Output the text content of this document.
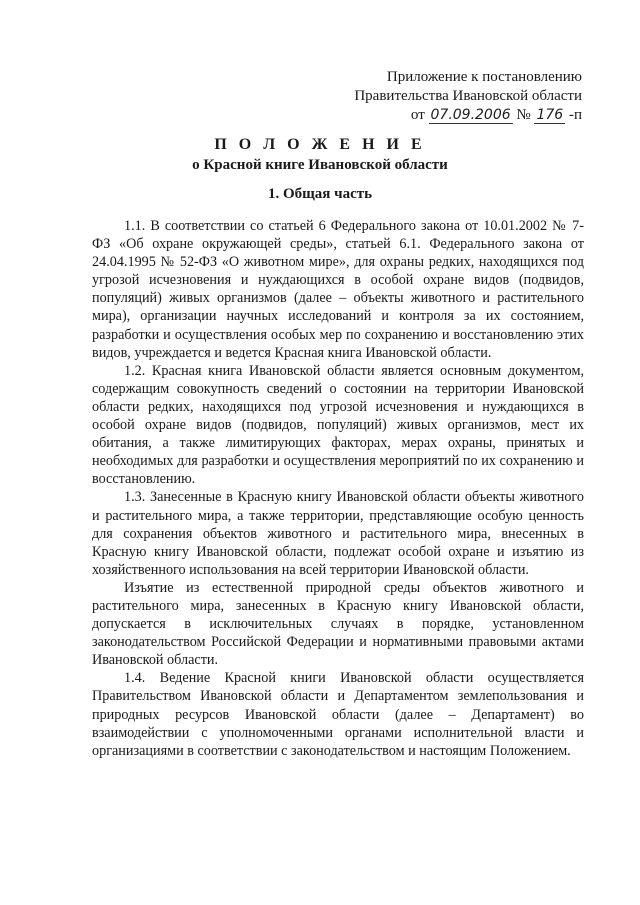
Приложение к постановлению
Правительства Ивановской области
от 07.09.2006 № 176 -п
П О Л О Ж Е Н И Е
о Красной книге Ивановской области
1. Общая часть

1.1. В соответствии со статьей 6 Федерального закона от 10.01.2002 № 7-ФЗ «Об охране окружающей среды», статьей 6.1. Федерального закона от 24.04.1995 № 52-ФЗ «О животном мире», для охраны редких, находящихся под угрозой исчезновения и нуждающихся в особой охране видов (подвидов, популяций) живых организмов (далее – объекты животного и растительного мира), организации научных исследований и контроля за их состоянием, разработки и осуществления особых мер по сохранению и восстановлению этих видов, учреждается и ведется Красная книга Ивановской области.

1.2. Красная книга Ивановской области является основным документом, содержащим совокупность сведений о состоянии на территории Ивановской области редких, находящихся под угрозой исчезновения и нуждающихся в особой охране видов (подвидов, популяций) живых организмов, мест их обитания, а также лимитирующих факторах, мерах охраны, принятых и необходимых для разработки и осуществления мероприятий по их сохранению и восстановлению.

1.3. Занесенные в Красную книгу Ивановской области объекты животного и растительного мира, а также территории, представляющие особую ценность для сохранения объектов животного и растительного мира, внесенных в Красную книгу Ивановской области, подлежат особой охране и изъятию из хозяйственного использования на всей территории Ивановской области.

Изъятие из естественной природной среды объектов животного и растительного мира, занесенных в Красную книгу Ивановской области, допускается в исключительных случаях в порядке, установленном законодательством Российской Федерации и нормативными правовыми актами Ивановской области.

1.4. Ведение Красной книги Ивановской области осуществляется Правительством Ивановской области и Департаментом землепользования и природных ресурсов Ивановской области (далее – Департамент) во взаимодействии с уполномоченными органами исполнительной власти и организациями в соответствии с законодательством и настоящим Положением.
